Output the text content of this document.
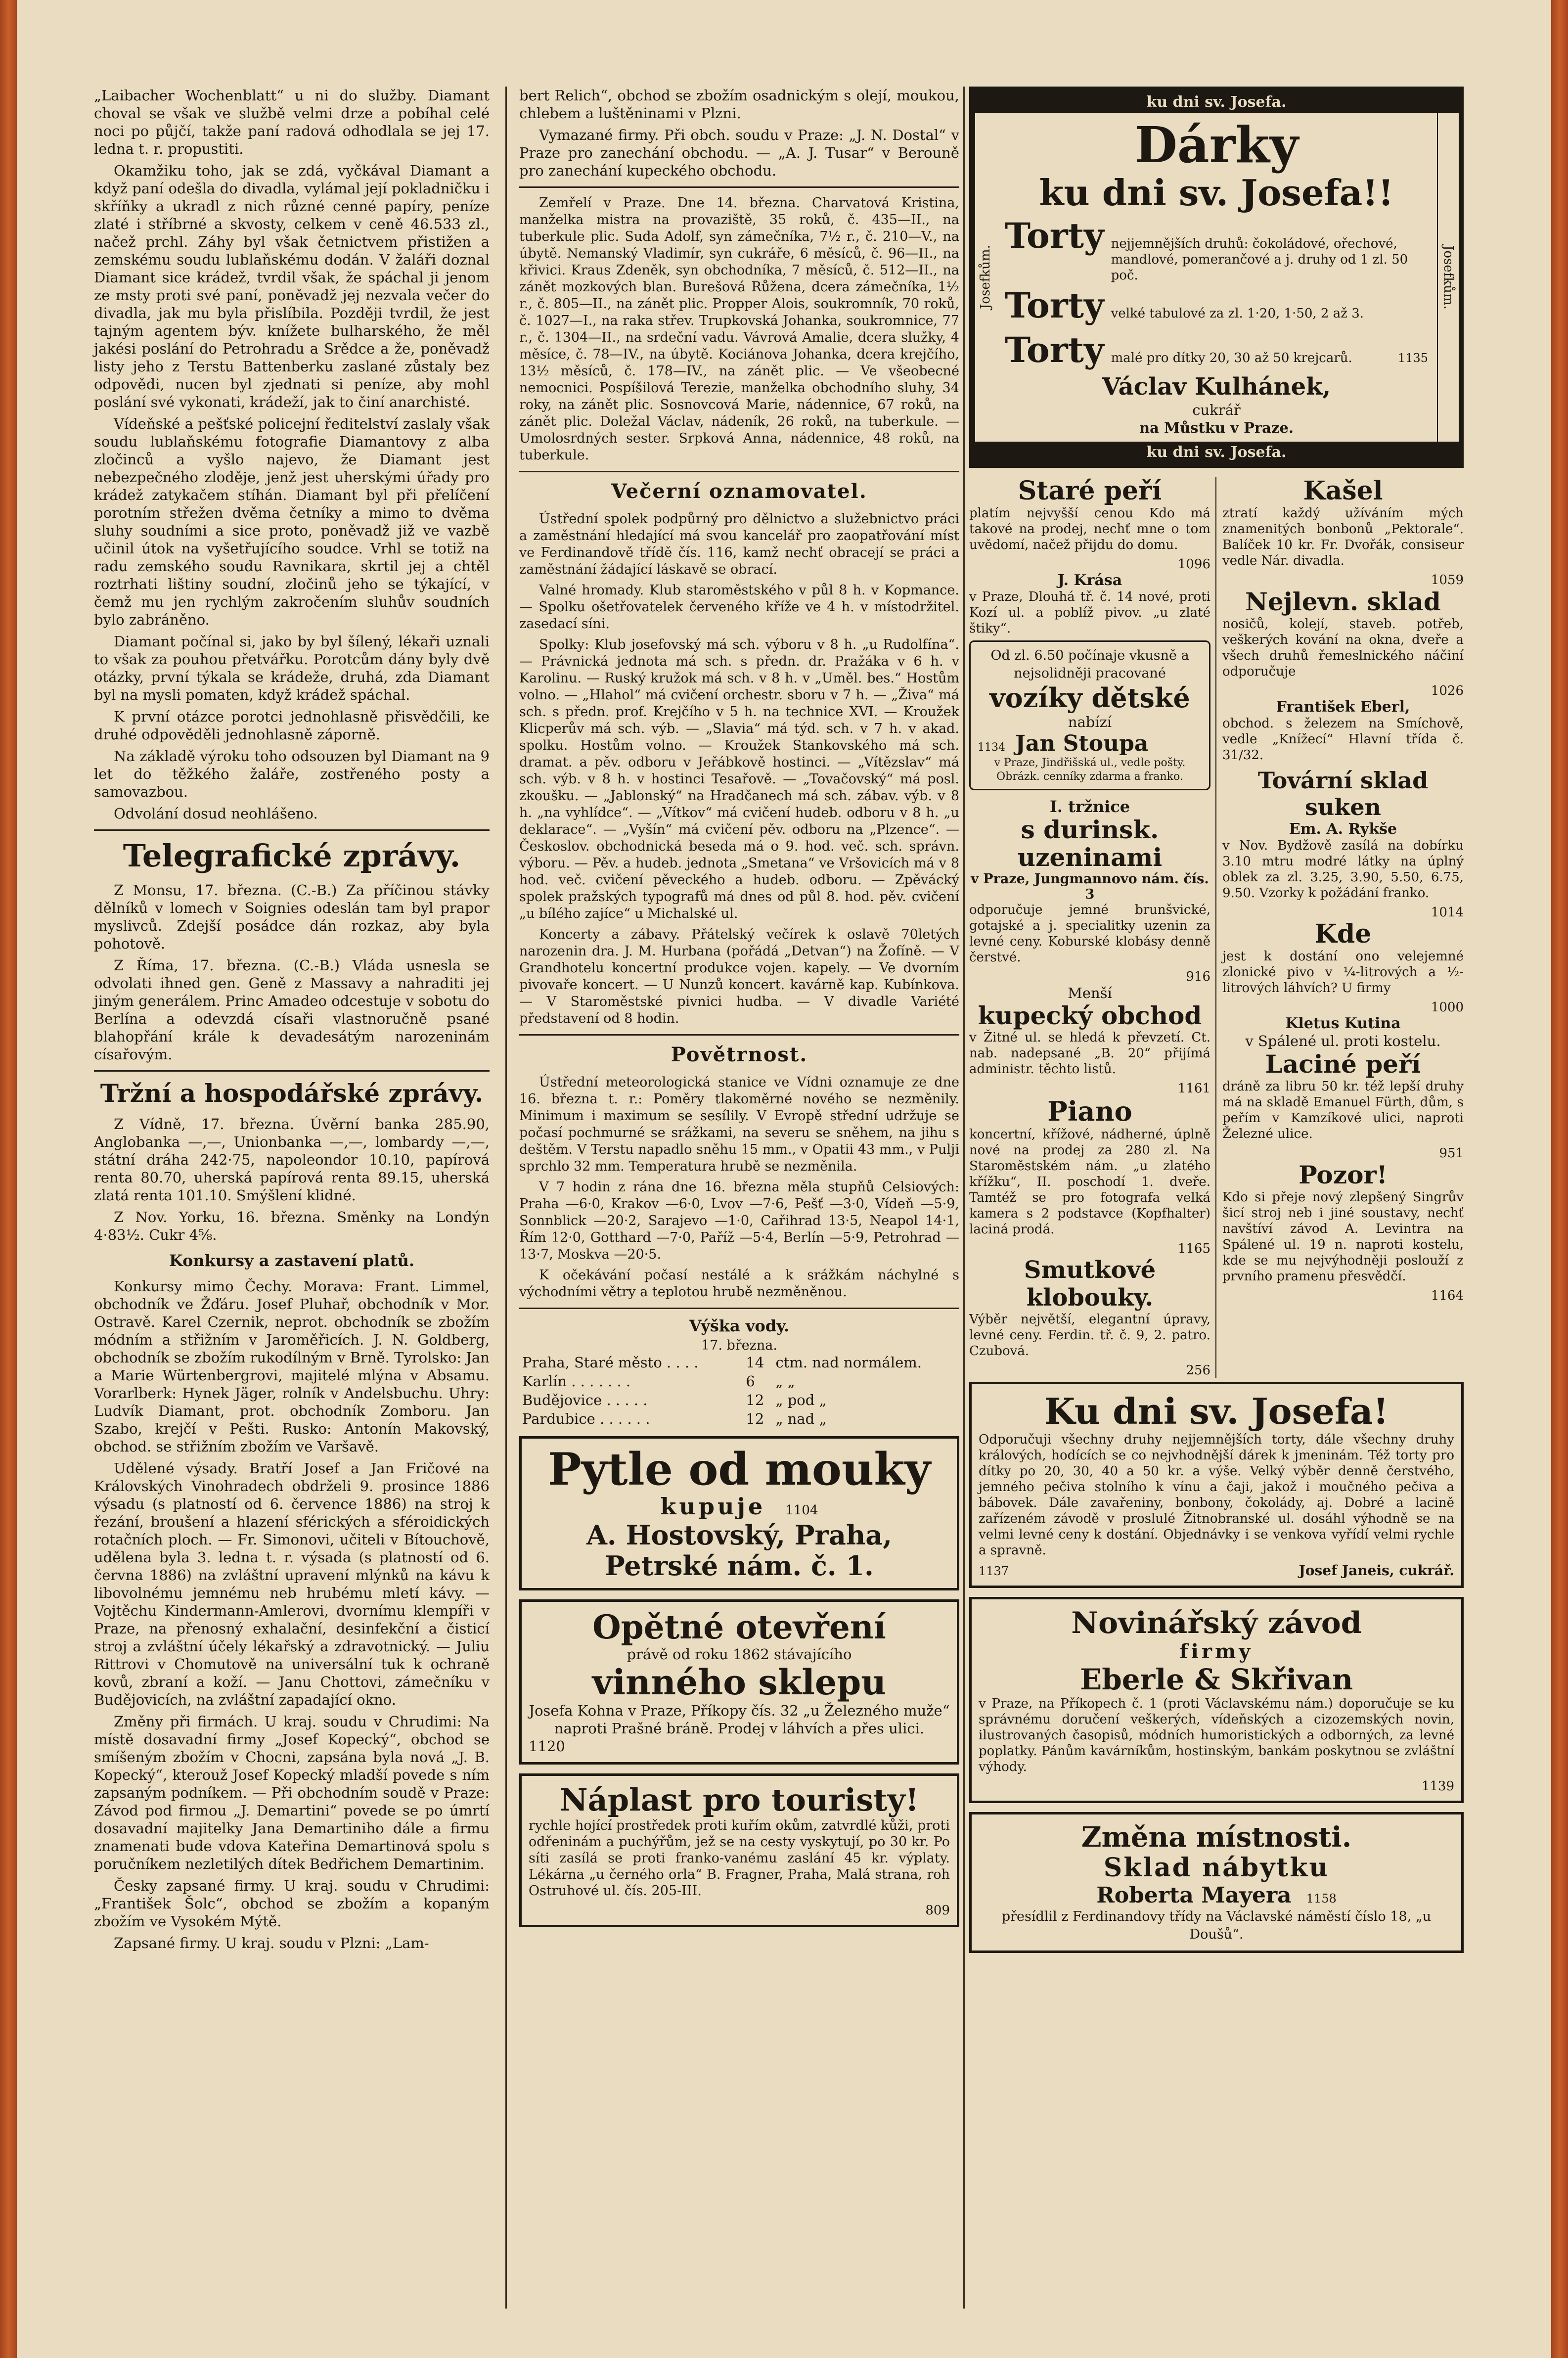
„Laibacher Wochenblatt“ u ni do služby. Diamant choval se však ve službě velmi drze a pobíhal celé noci po půjčí, takže paní radová odhodlala se jej 17. ledna t. r. propustiti.

Okamžiku toho, jak se zdá, vyčkával Diamant a když paní odešla do divadla, vylámal její pokladničku i skříňky a ukradl z nich různé cenné papíry, peníze zlaté i stříbrné a skvosty, celkem v ceně 46.533 zl., načež prchl. Záhy byl však četnictvem přistižen a zemskému soudu lublaňskému dodán. V žaláři doznal Diamant sice krádež, tvrdil však, že spáchal ji jenom ze msty proti své paní, poněvadž jej nezvala večer do divadla, jak mu byla přislíbila. Později tvrdil, že jest tajným agentem býv. knížete bulharského, že měl jakési poslání do Petrohradu a Srědce a že, poněvadž listy jeho z Terstu Battenberku zaslané zůstaly bez odpovědi, nucen byl zjednati si peníze, aby mohl poslání své vykonati, krádeží, jak to činí anarchisté.

Vídeňské a pešťské policejní ředitelství zaslaly však soudu lublaňskému fotografie Diamantovy z alba zločinců a vyšlo najevo, že Diamant jest nebezpečného zloděje, jenž jest uherskými úřady pro krádež zatykačem stíhán. Diamant byl při přelíčení porotním střežen dvěma četníky a mimo to dvěma sluhy soudními a sice proto, poněvadž již ve vazbě učinil útok na vyšetřujícího soudce. Vrhl se totiž na radu zemského soudu Ravnikara, skrtil jej a chtěl roztrhati lištiny soudní, zločinů jeho se týkající, v čemž mu jen rychlým zakročením sluhův soudních bylo zabráněno.

Diamant počínal si, jako by byl šílený, lékaři uznali to však za pouhou přetvářku. Porotcům dány byly dvě otázky, první týkala se krádeže, druhá, zda Diamant byl na mysli pomaten, když krádež spáchal.

K první otázce porotci jednohlasně přisvědčili, ke druhé odpověděli jednohlasně záporně.

Na základě výroku toho odsouzen byl Diamant na 9 let do těžkého žaláře, zostřeného posty a samovazbou.

Odvolání dosud neohlášeno.

Telegrafické zprávy.

Z Monsu, 17. března. (C.-B.) Za příčinou stávky dělníků v lomech v Soignies odeslán tam byl prapor myslivců. Zdejší posádce dán rozkaz, aby byla pohotově.

Z Říma, 17. března. (C.-B.) Vláda usnesla se odvolati ihned gen. Geně z Massavy a nahraditi jej jiným generálem. Princ Amadeo odcestuje v sobotu do Berlína a odevzdá císaři vlastnoručně psané blahopřání krále k devadesátým narozeninám císařovým.

Tržní a hospodářské zprávy.

Z Vídně, 17. března. Úvěrní banka 285.90, Anglobanka —,—, Unionbanka —,—, lombardy —,—, státní dráha 242·75, napoleondor 10.10, papírová renta 80.70, uherská papírová renta 89.15, uherská zlatá renta 101.10. Smýšlení klidné.

Z Nov. Yorku, 16. března. Směnky na Londýn 4·83½. Cukr 4⅝.

Konkursy a zastavení platů.

Konkursy mimo Čechy. Morava: Frant. Limmel, obchodník ve Žďáru. Josef Pluhař, obchodník v Mor. Ostravě. Karel Czernik, neprot. obchodník se zbožím módním a střižním v Jaroměřicích. J. N. Goldberg, obchodník se zbožím rukodílným v Brně. Tyrolsko: Jan a Marie Würtenbergrovi, majitelé mlýna v Absamu. Vorarlberk: Hynek Jäger, rolník v Andelsbuchu. Uhry: Ludvík Diamant, prot. obchodník Zomboru. Jan Szabo, krejčí v Pešti. Rusko: Antonín Makovský, obchod. se střižním zbožím ve Varšavě.

Udělené výsady. Bratří Josef a Jan Fričové na Královských Vinohradech obdrželi 9. prosince 1886 výsadu (s platností od 6. července 1886) na stroj k řezání, broušení a hlazení sférických a sféroidických rotačních ploch. — Fr. Simonovi, učiteli v Bítouchově, udělena byla 3. ledna t. r. výsada (s platností od 6. června 1886) na zvláštní upravení mlýnků na kávu k libovolnému jemnému neb hrubému mletí kávy. — Vojtěchu Kindermann-Amlerovi, dvornímu klempíři v Praze, na přenosný exhalační, desinfekční a čisticí stroj a zvláštní účely lékařský a zdravotnický. — Juliu Rittrovi v Chomutově na universální tuk k ochraně kovů, zbraní a koží. — Janu Chottovi, zámečníku v Budějovicích, na zvláštní zapadající okno.

Změny při firmách. U kraj. soudu v Chrudimi: Na místě dosavadní firmy „Josef Kopecký“, obchod se smíšeným zbožím v Chocni, zapsána byla nová „J. B. Kopecký“, kterouž Josef Kopecký mladší povede s ním zapsaným podníkem. — Při obchodním soudě v Praze: Závod pod firmou „J. Demartini“ povede se po úmrtí dosavadní majitelky Jana Demartiniho dále a firmu znamenati bude vdova Kateřina Demartinová spolu s poručníkem nezletilých dítek Bedřichem Demartinim.

Česky zapsané firmy. U kraj. soudu v Chrudimi: „František Šolc“, obchod se zbožím a kopaným zbožím ve Vysokém Mýtě.

Zapsané firmy. U kraj. soudu v Plzni: „Lam-

bert Relich“, obchod se zbožím osadnickým s olejí, moukou, chlebem a luštěninami v Plzni.

Vymazané firmy. Při obch. soudu v Praze: „J. N. Dostal“ v Praze pro zanechání obchodu. — „A. J. Tusar“ v Berouně pro zanechání kupeckého obchodu.

Zemřelí v Praze. Dne 14. března. Charvatová Kristina, manželka mistra na provaziště, 35 roků, č. 435—II., na tuberkule plic. Suda Adolf, syn zámečníka, 7½ r., č. 210—V., na úbytě. Nemanský Vladimír, syn cukráře, 6 měsíců, č. 96—II., na křivici. Kraus Zdeněk, syn obchodníka, 7 měsíců, č. 512—II., na zánět mozkových blan. Burešová Růžena, dcera zámečníka, 1½ r., č. 805—II., na zánět plic. Propper Alois, soukromník, 70 roků, č. 1027—I., na raka střev. Trupkovská Johanka, soukromnice, 77 r., č. 1304—II., na srdeční vadu. Vávrová Amalie, dcera služky, 4 měsíce, č. 78—IV., na úbytě. Kociánova Johanka, dcera krejčího, 13½ měsíců, č. 178—IV., na zánět plic. — Ve všeobecné nemocnici. Pospíšilová Terezie, manželka obchodního sluhy, 34 roky, na zánět plic. Sosnovcová Marie, nádennice, 67 roků, na zánět plic. Doležal Václav, nádeník, 26 roků, na tuberkule. — Umolosrdných sester. Srpková Anna, nádennice, 48 roků, na tuberkule.

Večerní oznamovatel.

Ústřední spolek podpůrný pro dělnictvo a služebnictvo práci a zaměstnání hledající má svou kancelář pro zaopatřování míst ve Ferdinandově třídě čís. 116, kamž nechť obracejí se práci a zaměstnání žádající láskavě se obrací.

Valné hromady. Klub staroměstského v půl 8 h. v Kopmance. — Spolku ošetřovatelek červeného kříže ve 4 h. v místodržitel. zasedací síni.

Spolky: Klub josefovský má sch. výboru v 8 h. „u Rudolfína“. — Právnická jednota má sch. s předn. dr. Pražáka v 6 h. v Karolinu. — Ruský kružok má sch. v 8 h. v „Uměl. bes.“ Hostům volno. — „Hlahol“ má cvičení orchestr. sboru v 7 h. — „Živa“ má sch. s předn. prof. Krejčího v 5 h. na technice XVI. — Kroužek Klicperův má sch. výb. — „Slavia“ má týd. sch. v 7 h. v akad. spolku. Hostům volno. — Kroužek Stankovského má sch. dramat. a pěv. odboru v Jeřábkově hostinci. — „Vítězslav“ má sch. výb. v 8 h. v hostinci Tesařově. — „Tovačovský“ má posl. zkoušku. — „Jablonský“ na Hradčanech má sch. zábav. výb. v 8 h. „na vyhlídce“. — „Vítkov“ má cvičení hudeb. odboru v 8 h. „u deklarace“. — „Vyšín“ má cvičení pěv. odboru na „Plzence“. — Českoslov. obchodnická beseda má o 9. hod. več. sch. správn. výboru. — Pěv. a hudeb. jednota „Smetana“ ve Vršovicích má v 8 hod. več. cvičení pěveckého a hudeb. odboru. — Zpěvácký spolek pražských typografů má dnes od půl 8. hod. pěv. cvičení „u bílého zajíce“ u Michalské ul.

Koncerty a zábavy. Přátelský večírek k oslavě 70letých narozenin dra. J. M. Hurbana (pořádá „Detvan“) na Žofíně. — V Grandhotelu koncertní produkce vojen. kapely. — Ve dvorním pivovaře koncert. — U Nunzů koncert. kavárně kap. Kubínkova. — V Staroměstské pivnici hudba. — V divadle Variété představení od 8 hodin.

Povětrnost.

Ústřední meteorologická stanice ve Vídni oznamuje ze dne 16. března t. r.: Poměry tlakoměrné nového se nezměnily. Minimum i maximum se sesílily. V Evropě střední udržuje se počasí pochmurné se srážkami, na severu se sněhem, na jihu s deštěm. V Terstu napadlo sněhu 15 mm., v Opatii 43 mm., v Pulji sprchlo 32 mm. Temperatura hrubě se nezměnila.

V 7 hodin z rána dne 16. března měla stupňů Celsiových: Praha —6·0, Krakov —6·0, Lvov —7·6, Pešť —3·0, Vídeň —5·9, Sonnblick —20·2, Sarajevo —1·0, Cařihrad 13·5, Neapol 14·1, Řím 12·0, Gotthard —7·0, Paříž —5·4, Berlín —5·9, Petrohrad —13·7, Moskva —20·5.

K očekávání počasí nestálé a k srážkám náchylné s východními větry a teplotou hrubě nezměněnou.

Výška vody.
17. března.
Praha, Staré město . . . .	14	ctm. nad normálem.
Karlín . . . . . . .	6	„ „
Budějovice . . . . .	12	„ pod „
Pardubice . . . . . .	12	„ nad „
Pytle od mouky
kupuje 1104
A. Hostovský, Praha, Petrské nám. č. 1.
Opětné otevření
právě od roku 1862 stávajícího
vinného sklepu
Josefa Kohna v Praze, Příkopy čís. 32 „u Železného muže“ naproti Prašné bráně. Prodej v láhvích a přes ulici.
1120
Náplast pro touristy!

rychle hojící prostředek proti kuřím okům, zatvrdlé kůži, proti odřeninám a puchýřům, jež se na cesty vyskytují, po 30 kr. Po síti zasílá se proti franko-vanému zaslání 45 kr. výplaty. Lékárna „u černého orla“ B. Fragner, Praha, Malá strana, roh Ostruhové ul. čís. 205-III.

809
ku dni sv. Josefa.
Josefkům.
Dárky
ku dni sv. Josefa!!
Torty nejjemnějších druhů: čokoládové, ořechové, mandlové, pomerančové a j. druhy od 1 zl. 50 poč.
Torty velké tabulové za zl. 1·20, 1·50, 2 až 3.
Torty malé pro dítky 20, 30 až 50 krejcarů.	1135
Václav Kulhánek,
cukrář
na Můstku v Praze.
Josefkům.
ku dni sv. Josefa.
Staré peří

platím nejvyšší cenou Kdo má takové na prodej, nechť mne o tom uvědomí, načež přijdu do domu.

1096
J. Krása

v Praze, Dlouhá tř. č. 14 nové, proti Kozí ul. a poblíž pivov. „u zlaté štiky“.

Od zl. 6.50 počínaje vkusně a nejsolidněji pracované
vozíky dětské
nabízí
1134 Jan Stoupa
v Praze, Jindřišská ul., vedle pošty. Obrázk. cenníky zdarma a franko.
I. tržnice
s durinsk. uzeninami
v Praze, Jungmannovo nám. čís. 3

odporučuje jemné brunšvické, gotajské a j. specialitky uzenin za levné ceny. Koburské klobásy denně čerstvé.

916
Menší
kupecký obchod

v Žitné ul. se hledá k převzetí. Ct. nab. nadepsané „B. 20“ přijímá administr. těchto listů.

1161
Piano

koncertní, křížové, nádherné, úplně nové na prodej za 280 zl. Na Staroměstském nám. „u zlatého křížku“, II. poschodí 1. dveře. Tamtéž se pro fotografa velká kamera s 2 podstavce (Kopfhalter) laciná prodá.

1165
Smutkové klobouky.

Výběr největší, elegantní úpravy, levné ceny. Ferdin. tř. č. 9, 2. patro. Czubová.

256
Kašel

ztratí každý užíváním mých znamenitých bonbonů „Pektorale“. Balíček 10 kr. Fr. Dvořák, consiseur vedle Nár. divadla.

1059
Nejlevn. sklad

nosičů, kolejí, staveb. potřeb, veškerých kování na okna, dveře a všech druhů řemeslnického náčiní odporučuje

1026
František Eberl,

obchod. s železem na Smíchově, vedle „Knížecí“ Hlavní třída č. 31/32.

Tovární sklad suken
Em. A. Rykše

v Nov. Bydžově zasílá na dobírku 3.10 mtru modré látky na úplný oblek za zl. 3.25, 3.90, 5.50, 6.75, 9.50. Vzorky k požádání franko.

1014
Kde

jest k dostání ono velejemné zlonické pivo v ¼-litrových a ½-litrových láhvích? U firmy

1000
Kletus Kutina
v Spálené ul. proti kostelu.
Laciné peří

dráně za libru 50 kr. též lepší druhy má na skladě Emanuel Fürth, dům, s peřím v Kamzíkové ulici, naproti Železné ulice.

951
Pozor!

Kdo si přeje nový zlepšený Singrův šicí stroj neb i jiné soustavy, nechť navštíví závod A. Levintra na Spálené ul. 19 n. naproti kostelu, kde se mu nejvýhodněji poslouží z prvního pramenu přesvědčí.

1164
Ku dni sv. Josefa!

Odporučuji všechny druhy nejjemnějších torty, dále všechny druhy králových, hodících se co nejvhodnější dárek k jmeninám. Též torty pro dítky po 20, 30, 40 a 50 kr. a výše. Velký výběr denně čerstvého, jemného pečiva stolního k vínu a čaji, jakož i moučného pečiva a bábovek. Dále zavařeniny, bonbony, čokolády, aj. Dobré a lacině zařízeném závodě v proslulé Žitnobranské ul. dosáhl výhodně se na velmi levné ceny k dostání. Objednávky i se venkova vyřídí velmi rychle a spravně.

1137	Josef Janeis, cukrář.
Novinářský závod
firmy
Eberle & Skřivan

v Praze, na Příkopech č. 1 (proti Václavskému nám.) doporučuje se ku správnému doručení veškerých, vídeňských a cizozemských novin, ilustrovaných časopisů, módních humoristických a odborných, za levné poplatky. Pánům kavárníkům, hostinským, bankám poskytnou se zvláštní výhody.

1139
Změna místnosti.
Sklad nábytku
Roberta Mayera 1158
přesídlil z Ferdinandovy třídy na Václavské náměstí číslo 18, „u Doušů“.
